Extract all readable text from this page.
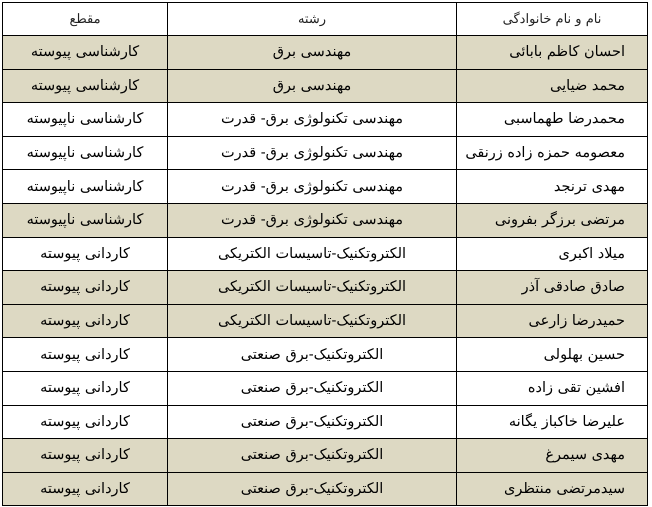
نام و نام خانوادگی	رشته	مقطع
احسان کاظم بابائی	مهندسی برق	کارشناسی پیوسته
محمد ضیایی	مهندسی برق	کارشناسی پیوسته
محمدرضا طهماسبی	مهندسی تکنولوژی برق- قدرت	کارشناسی ناپیوسته
معصومه حمزه زاده زرنقی	مهندسی تکنولوژی برق- قدرت	کارشناسی ناپیوسته
مهدی ترنجد	مهندسی تکنولوژی برق- قدرت	کارشناسی ناپیوسته
مرتضی برزگر بفرونی	مهندسی تکنولوژی برق- قدرت	کارشناسی ناپیوسته
میلاد اکبری	الکتروتکنیک-تاسیسات الکتریکی	کاردانی پیوسته
صادق صادقی آذر	الکتروتکنیک-تاسیسات الکتریکی	کاردانی پیوسته
حمیدرضا زارعی	الکتروتکنیک-تاسیسات الکتریکی	کاردانی پیوسته
حسین بهلولی	الکتروتکنیک-برق صنعتی	کاردانی پیوسته
افشین تقی زاده	الکتروتکنیک-برق صنعتی	کاردانی پیوسته
علیرضا خاکباز یگانه	الکتروتکنیک-برق صنعتی	کاردانی پیوسته
مهدی سیمرغ	الکتروتکنیک-برق صنعتی	کاردانی پیوسته
سیدمرتضی منتظری	الکتروتکنیک-برق صنعتی	کاردانی پیوسته
